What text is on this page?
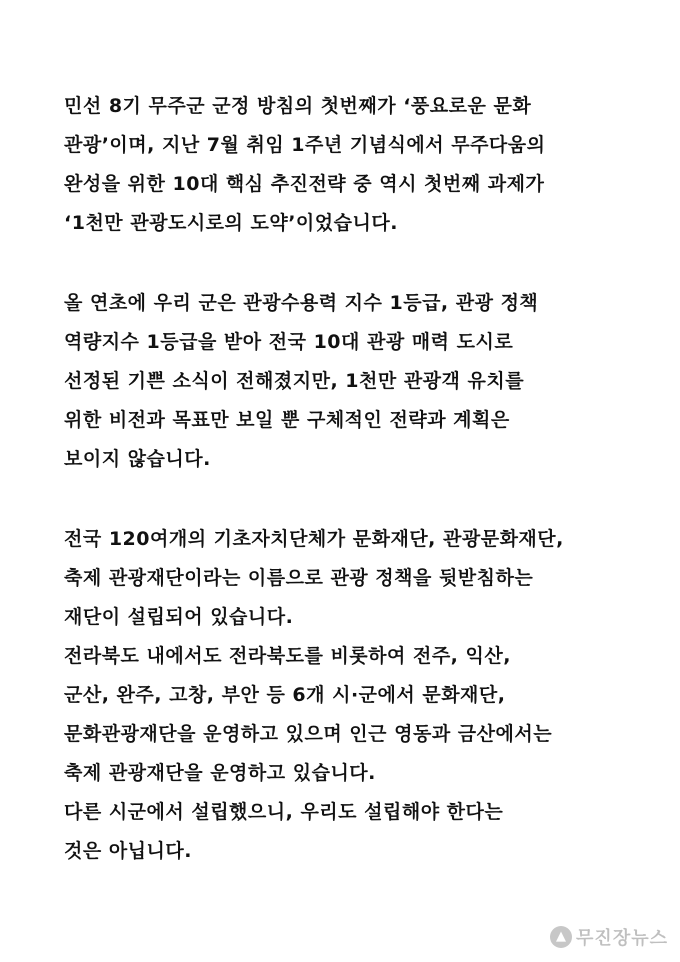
민선 8기 무주군 군정 방침의 첫번째가 ‘풍요로운 문화
관광’이며, 지난 7월 취임 1주년 기념식에서 무주다움의
완성을 위한 10대 핵심 추진전략 중 역시 첫번째 과제가
‘1천만 관광도시로의 도약’이었습니다.
올 연초에 우리 군은 관광수용력 지수 1등급, 관광 정책
역량지수 1등급을 받아 전국 10대 관광 매력 도시로
선정된 기쁜 소식이 전해졌지만, 1천만 관광객 유치를
위한 비전과 목표만 보일 뿐 구체적인 전략과 계획은
보이지 않습니다.
전국 120여개의 기초자치단체가 문화재단, 관광문화재단,
축제 관광재단이라는 이름으로 관광 정책을 뒷받침하는
재단이 설립되어 있습니다.
전라북도 내에서도 전라북도를 비롯하여 전주, 익산,
군산, 완주, 고창, 부안 등 6개 시·군에서 문화재단,
문화관광재단을 운영하고 있으며 인근 영동과 금산에서는
축제 관광재단을 운영하고 있습니다.
다른 시군에서 설립했으니, 우리도 설립해야 한다는
것은 아닙니다.
▲ 무진장뉴스
